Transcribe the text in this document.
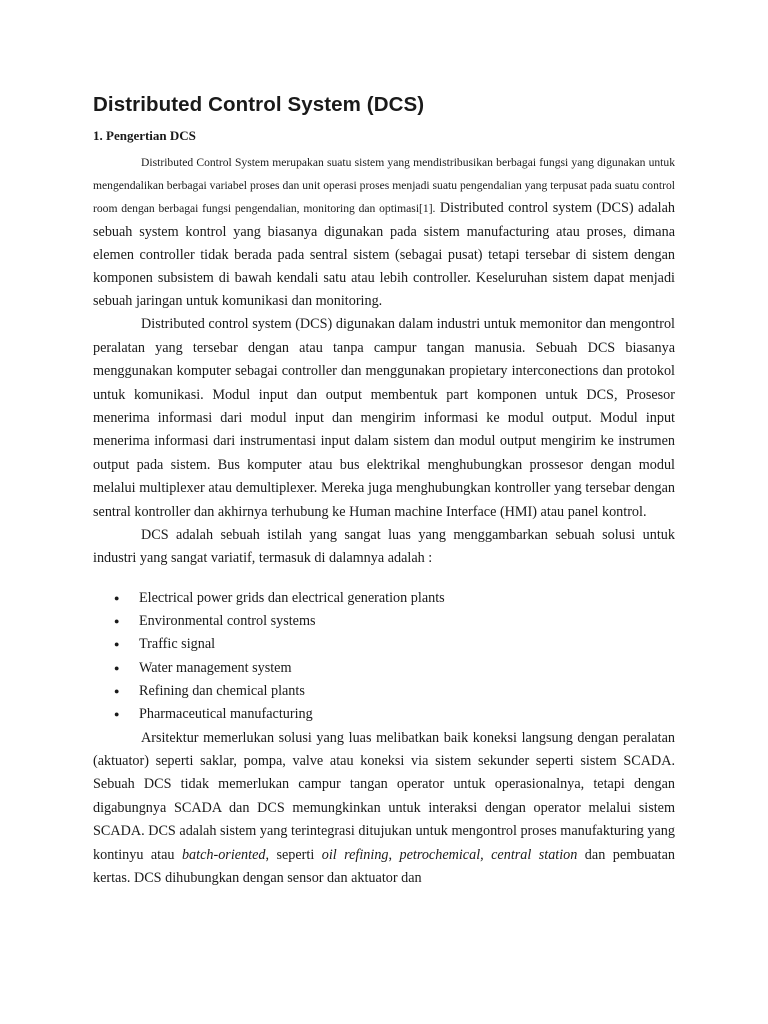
Distributed Control System (DCS)
1. Pengertian DCS

Distributed Control System merupakan suatu sistem yang mendistribusikan berbagai fungsi yang digunakan untuk mengendalikan berbagai variabel proses dan unit operasi proses menjadi suatu pengendalian yang terpusat pada suatu control room dengan berbagai fungsi pengendalian, monitoring dan optimasi[1]. Distributed control system (DCS) adalah sebuah system kontrol yang biasanya digunakan pada sistem manufacturing atau proses, dimana elemen controller tidak berada pada sentral sistem (sebagai pusat) tetapi tersebar di sistem dengan komponen subsistem di bawah kendali satu atau lebih controller. Keseluruhan sistem dapat menjadi sebuah jaringan untuk komunikasi dan monitoring.

Distributed control system (DCS) digunakan dalam industri untuk memonitor dan mengontrol peralatan yang tersebar dengan atau tanpa campur tangan manusia. Sebuah DCS biasanya menggunakan komputer sebagai controller dan menggunakan propietary interconections dan protokol untuk komunikasi. Modul input dan output membentuk part komponen untuk DCS, Prosesor menerima informasi dari modul input dan mengirim informasi ke modul output. Modul input menerima informasi dari instrumentasi input dalam sistem dan modul output mengirim ke instrumen output pada sistem. Bus komputer atau bus elektrikal menghubungkan prossesor dengan modul melalui multiplexer atau demultiplexer. Mereka juga menghubungkan kontroller yang tersebar dengan sentral kontroller dan akhirnya terhubung ke Human machine Interface (HMI) atau panel kontrol.

DCS adalah sebuah istilah yang sangat luas yang menggambarkan sebuah solusi untuk industri yang sangat variatif, termasuk di dalamnya adalah :

● Electrical power grids dan electrical generation plants
● Environmental control systems
● Traffic signal
● Water management system
● Refining dan chemical plants
● Pharmaceutical manufacturing

Arsitektur memerlukan solusi yang luas melibatkan baik koneksi langsung dengan peralatan (aktuator) seperti saklar, pompa, valve atau koneksi via sistem sekunder seperti sistem SCADA. Sebuah DCS tidak memerlukan campur tangan operator untuk operasionalnya, tetapi dengan digabungnya SCADA dan DCS memungkinkan untuk interaksi dengan operator melalui sistem SCADA. DCS adalah sistem yang terintegrasi ditujukan untuk mengontrol proses manufakturing yang kontinyu atau batch-oriented, seperti oil refining, petrochemical, central station dan pembuatan kertas. DCS dihubungkan dengan sensor dan aktuator dan
